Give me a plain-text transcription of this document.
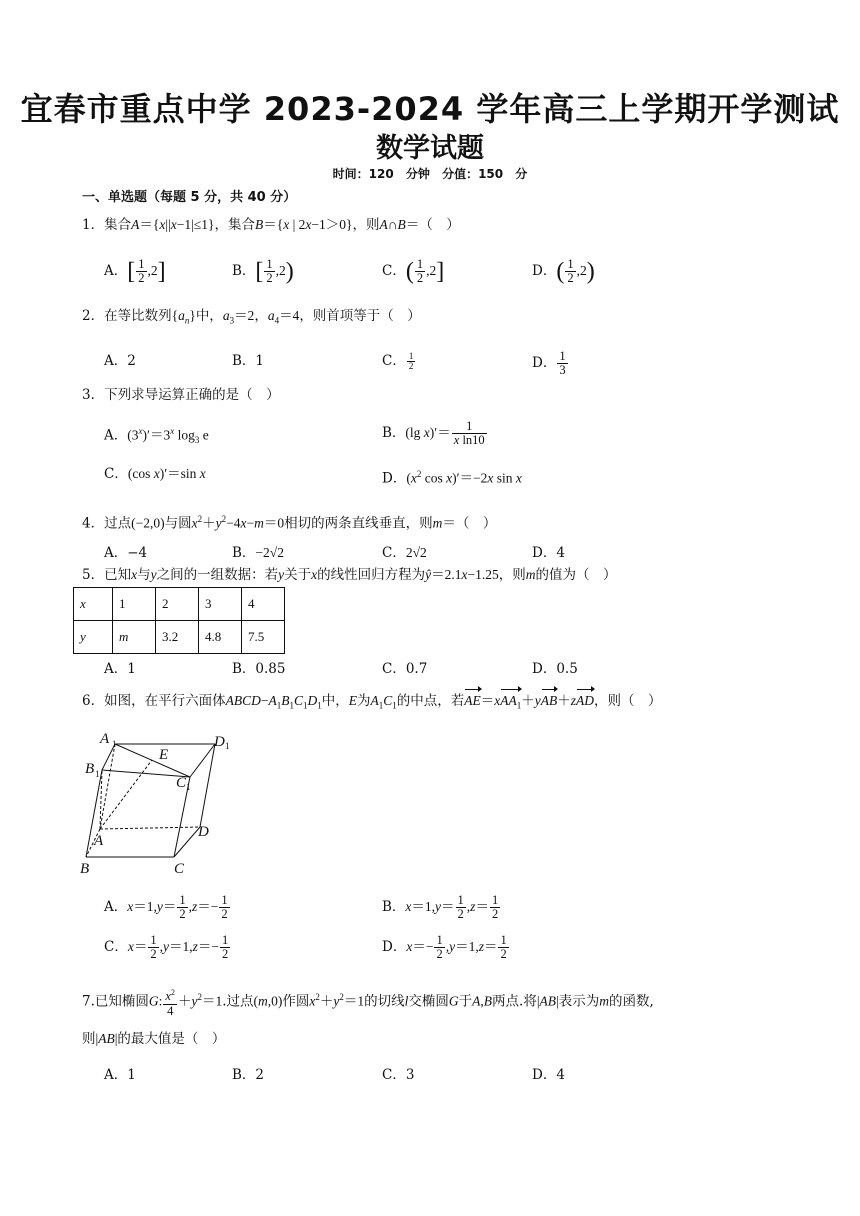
宜春市重点中学 2023-2024 学年高三上学期开学测试
数学试题
时间：120 分钟 分值：150 分
一、单选题（每题 5 分，共 40 分）
1．集合A＝{x||x−1|≤1}，集合B＝{x | 2x−1＞0}，则A∩B＝（　）
A．[ $\frac{1}{2} ,2$]	B．[ $\frac{1}{2} ,2$)	C．( $\frac{1}{2} ,2$]	D．( $\frac{1}{2} ,2$)
2．在等比数列$\{a_n\}$中，$a_3=2$，$a_4=4$，则首项等于（　）
A．2	B．1	C． $\frac{1}{2}$	D． $\frac{1}{3}$
3．下列求导运算正确的是（　）
A．$(3^x)'=3^x$ $\log_3 e$	B．(lg $x)'= \frac{1}{\text{x ln10}}$
C．(cos x)′＝sin x	D．($x^2$ cos x)′＝−2x sin x
4．过点(−2,0)与圆$x^2+y^2-4x-m=0$相切的两条直线垂直，则m＝（　）
A．−4	B．−2√2	C．2√2	D．4
5．已知x与y之间的一组数据：若y关于x的线性回归方程为ŷ＝2.1x−1.25，则m的值为（　）
x	1	2	3	4
y	m	3.2	4.8	7.5
A．1	B．0.85	C．0.7	D．0.5
6．如图，在平行六面体$ABCD-A_1B_1C_1D_1$中，E为$A_1C_1$的中点，若AE＝xAA$_1$＋yAB＋zAD，则（　）
A 1
E
D 1
B 1
C 1
D
A
B	C
A．$x=1,y= \frac{1}{2} ,z=- \frac{1}{2}$	B．$x=1,y= \frac{1}{2} ,z= \frac{1}{2}$
C．$x= \frac{1}{2} ,y=1,z=- \frac{1}{2}$	D．$x=- \frac{1}{2} ,y=1,z= \frac{1}{2}$
7.已知椭圆G: $\frac{x^2}{4} +y^2=1$.过点(m,0)作圆$x^2+y^2=1$的切线l交椭圆G于A,B两点.将|AB|表示为m的函数,
则|AB|的最大值是（　）
A．1	B．2	C．3	D．4
